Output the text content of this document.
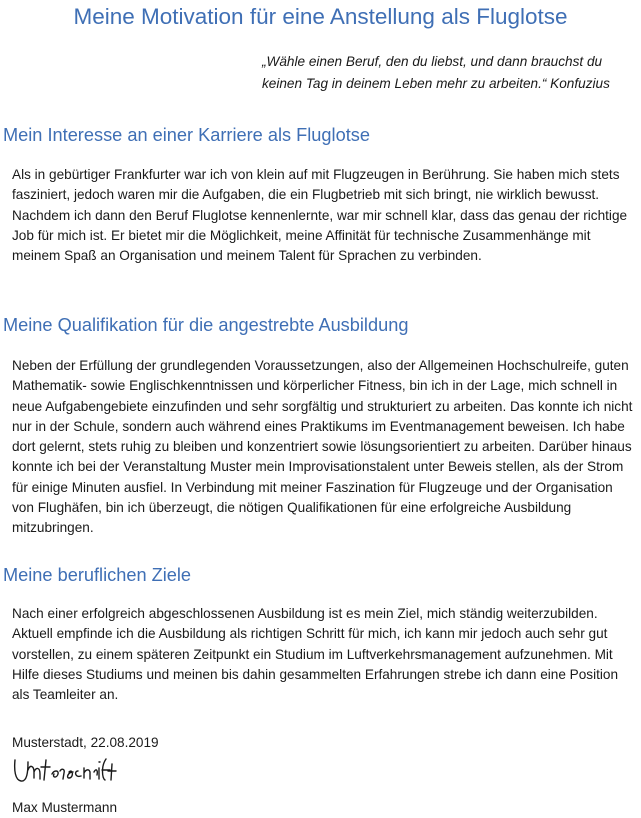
Meine Motivation für eine Anstellung als Fluglotse

„Wähle einen Beruf, den du liebst, und dann brauchst du keinen Tag in deinem Leben mehr zu arbeiten.“ Konfuzius

Mein Interesse an einer Karriere als Fluglotse

Als in gebürtiger Frankfurter war ich von klein auf mit Flugzeugen in Berührung. Sie haben mich stets fasziniert, jedoch waren mir die Aufgaben, die ein Flugbetrieb mit sich bringt, nie wirklich bewusst. Nachdem ich dann den Beruf Fluglotse kennenlernte, war mir schnell klar, dass das genau der richtige Job für mich ist. Er bietet mir die Möglichkeit, meine Affinität für technische Zusammenhänge mit meinem Spaß an Organisation und meinem Talent für Sprachen zu verbinden.

Meine Qualifikation für die angestrebte Ausbildung

Neben der Erfüllung der grundlegenden Voraussetzungen, also der Allgemeinen Hochschulreife, guten Mathematik- sowie Englischkenntnissen und körperlicher Fitness, bin ich in der Lage, mich schnell in neue Aufgabengebiete einzufinden und sehr sorgfältig und strukturiert zu arbeiten. Das konnte ich nicht nur in der Schule, sondern auch während eines Praktikums im Eventmanagement beweisen. Ich habe dort gelernt, stets ruhig zu bleiben und konzentriert sowie lösungsorientiert zu arbeiten. Darüber hinaus konnte ich bei der Veranstaltung Muster mein Improvisationstalent unter Beweis stellen, als der Strom für einige Minuten ausfiel. In Verbindung mit meiner Faszination für Flugzeuge und der Organisation von Flughäfen, bin ich überzeugt, die nötigen Qualifikationen für eine erfolgreiche Ausbildung mitzubringen.

Meine beruflichen Ziele

Nach einer erfolgreich abgeschlossenen Ausbildung ist es mein Ziel, mich ständig weiterzubilden. Aktuell empfinde ich die Ausbildung als richtigen Schritt für mich, ich kann mir jedoch auch sehr gut vorstellen, zu einem späteren Zeitpunkt ein Studium im Luftverkehrsmanagement aufzunehmen. Mit Hilfe dieses Studiums und meinen bis dahin gesammelten Erfahrungen strebe ich dann eine Position als Teamleiter an.

Musterstadt, 22.08.2019

Max Mustermann
